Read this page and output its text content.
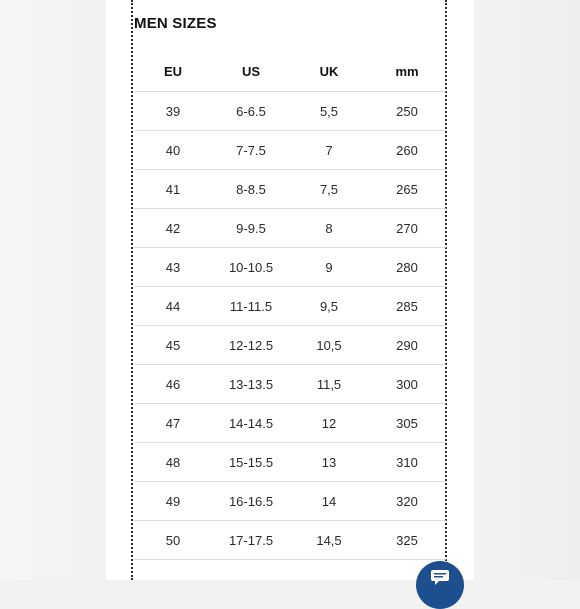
MEN SIZES
EU	US	UK	mm
39	6-6.5	5,5	250
40	7-7.5	7	260
41	8-8.5	7,5	265
42	9-9.5	8	270
43	10-10.5	9	280
44	11-11.5	9,5	285
45	12-12.5	10,5	290
46	13-13.5	11,5	300
47	14-14.5	12	305
48	15-15.5	13	310
49	16-16.5	14	320
50	17-17.5	14,5	325
